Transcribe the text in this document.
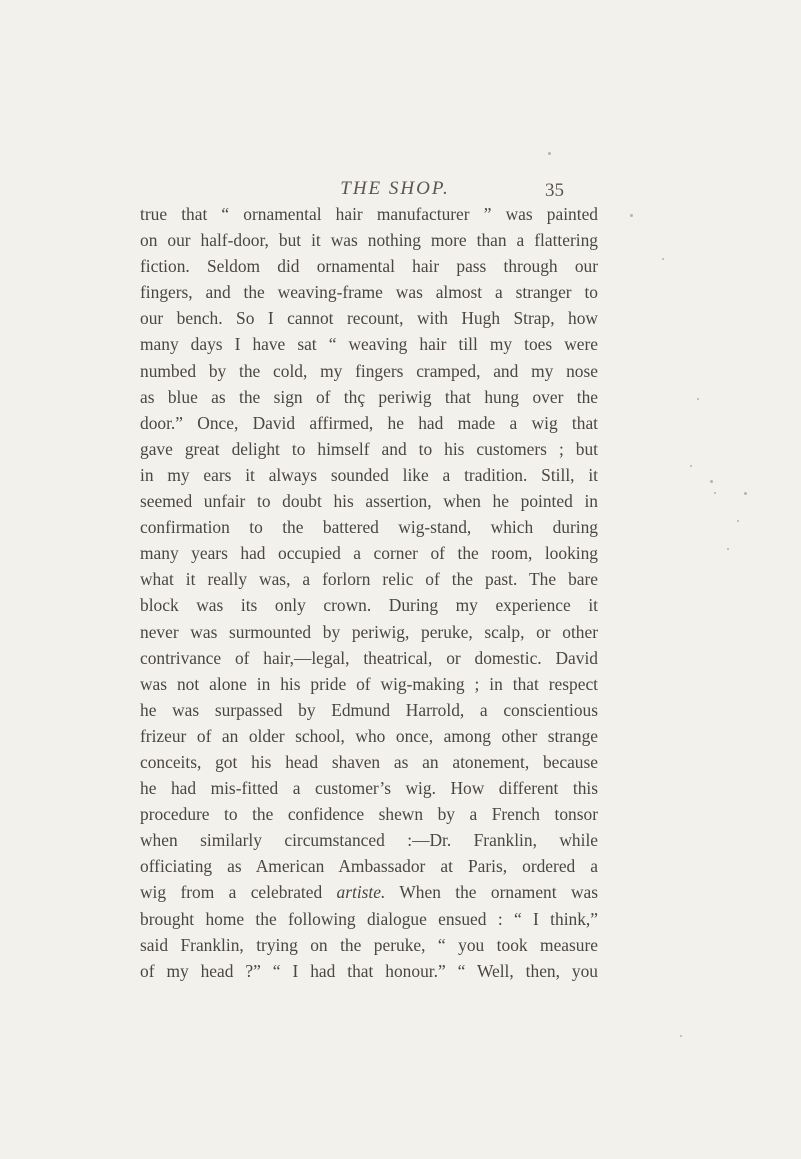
THE SHOP.	35
true that “ ornamental hair manufacturer ” was painted
on our half-door, but it was nothing more than a flattering
fiction. Seldom did ornamental hair pass through our
fingers, and the weaving-frame was almost a stranger to
our bench. So I cannot recount, with Hugh Strap, how
many days I have sat “ weaving hair till my toes were
numbed by the cold, my fingers cramped, and my nose
as blue as the sign of thç periwig that hung over the
door.” Once, David affirmed, he had made a wig that
gave great delight to himself and to his customers ; but
in my ears it always sounded like a tradition. Still, it
seemed unfair to doubt his assertion, when he pointed in
confirmation to the battered wig-stand, which during
many years had occupied a corner of the room, looking
what it really was, a forlorn relic of the past. The bare
block was its only crown. During my experience it
never was surmounted by periwig, peruke, scalp, or other
contrivance of hair,—legal, theatrical, or domestic. David
was not alone in his pride of wig-making ; in that respect
he was surpassed by Edmund Harrold, a conscientious
frizeur of an older school, who once, among other strange
conceits, got his head shaven as an atonement, because
he had mis-fitted a customer’s wig. How different this
procedure to the confidence shewn by a French tonsor
when similarly circumstanced :—Dr. Franklin, while
officiating as American Ambassador at Paris, ordered a
wig from a celebrated artiste. When the ornament was
brought home the following dialogue ensued : “ I think,”
said Franklin, trying on the peruke, “ you took measure
of my head ?” “ I had that honour.” “ Well, then, you
